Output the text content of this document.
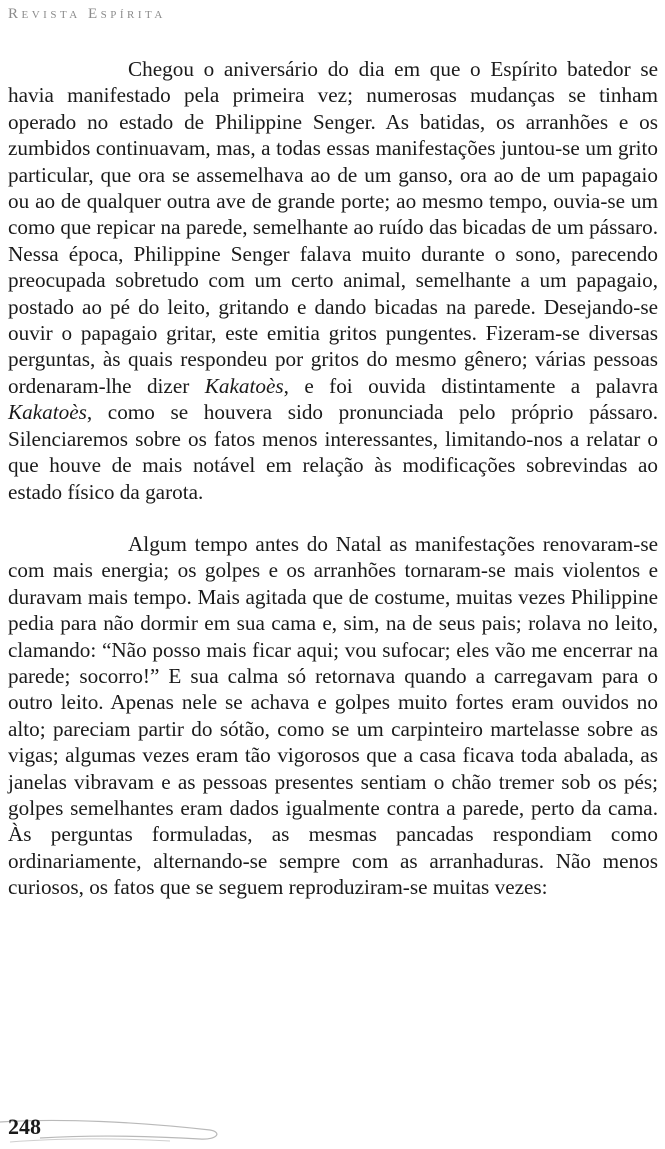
Revista Espírita

Chegou o aniversário do dia em que o Espírito batedor se havia manifestado pela primeira vez; numerosas mudanças se tinham operado no estado de Philippine Senger. As batidas, os arranhões e os zumbidos continuavam, mas, a todas essas manifestações juntou-se um grito particular, que ora se assemelhava ao de um ganso, ora ao de um papagaio ou ao de qualquer outra ave de grande porte; ao mesmo tempo, ouvia-se um como que repicar na parede, semelhante ao ruído das bicadas de um pássaro. Nessa época, Philippine Senger falava muito durante o sono, parecendo preocupada sobretudo com um certo animal, semelhante a um papagaio, postado ao pé do leito, gritando e dando bicadas na parede. Desejando-se ouvir o papagaio gritar, este emitia gritos pungentes. Fizeram-se diversas perguntas, às quais respondeu por gritos do mesmo gênero; várias pessoas ordenaram-lhe dizer Kakatoès, e foi ouvida distintamente a palavra Kakatoès, como se houvera sido pronunciada pelo próprio pássaro. Silenciaremos sobre os fatos menos interessantes, limitando-nos a relatar o que houve de mais notável em relação às modificações sobrevindas ao estado físico da garota.

Algum tempo antes do Natal as manifestações renovaram-se com mais energia; os golpes e os arranhões tornaram-se mais violentos e duravam mais tempo. Mais agitada que de costume, muitas vezes Philippine pedia para não dormir em sua cama e, sim, na de seus pais; rolava no leito, clamando: “Não posso mais ficar aqui; vou sufocar; eles vão me encerrar na parede; socorro!” E sua calma só retornava quando a carregavam para o outro leito. Apenas nele se achava e golpes muito fortes eram ouvidos no alto; pareciam partir do sótão, como se um carpinteiro martelasse sobre as vigas; algumas vezes eram tão vigorosos que a casa ficava toda abalada, as janelas vibravam e as pessoas presentes sentiam o chão tremer sob os pés; golpes semelhantes eram dados igualmente contra a parede, perto da cama. Às perguntas formuladas, as mesmas pancadas respondiam como ordinariamente, alternando-se sempre com as arranhaduras. Não menos curiosos, os fatos que se seguem reproduziram-se muitas vezes:

248
